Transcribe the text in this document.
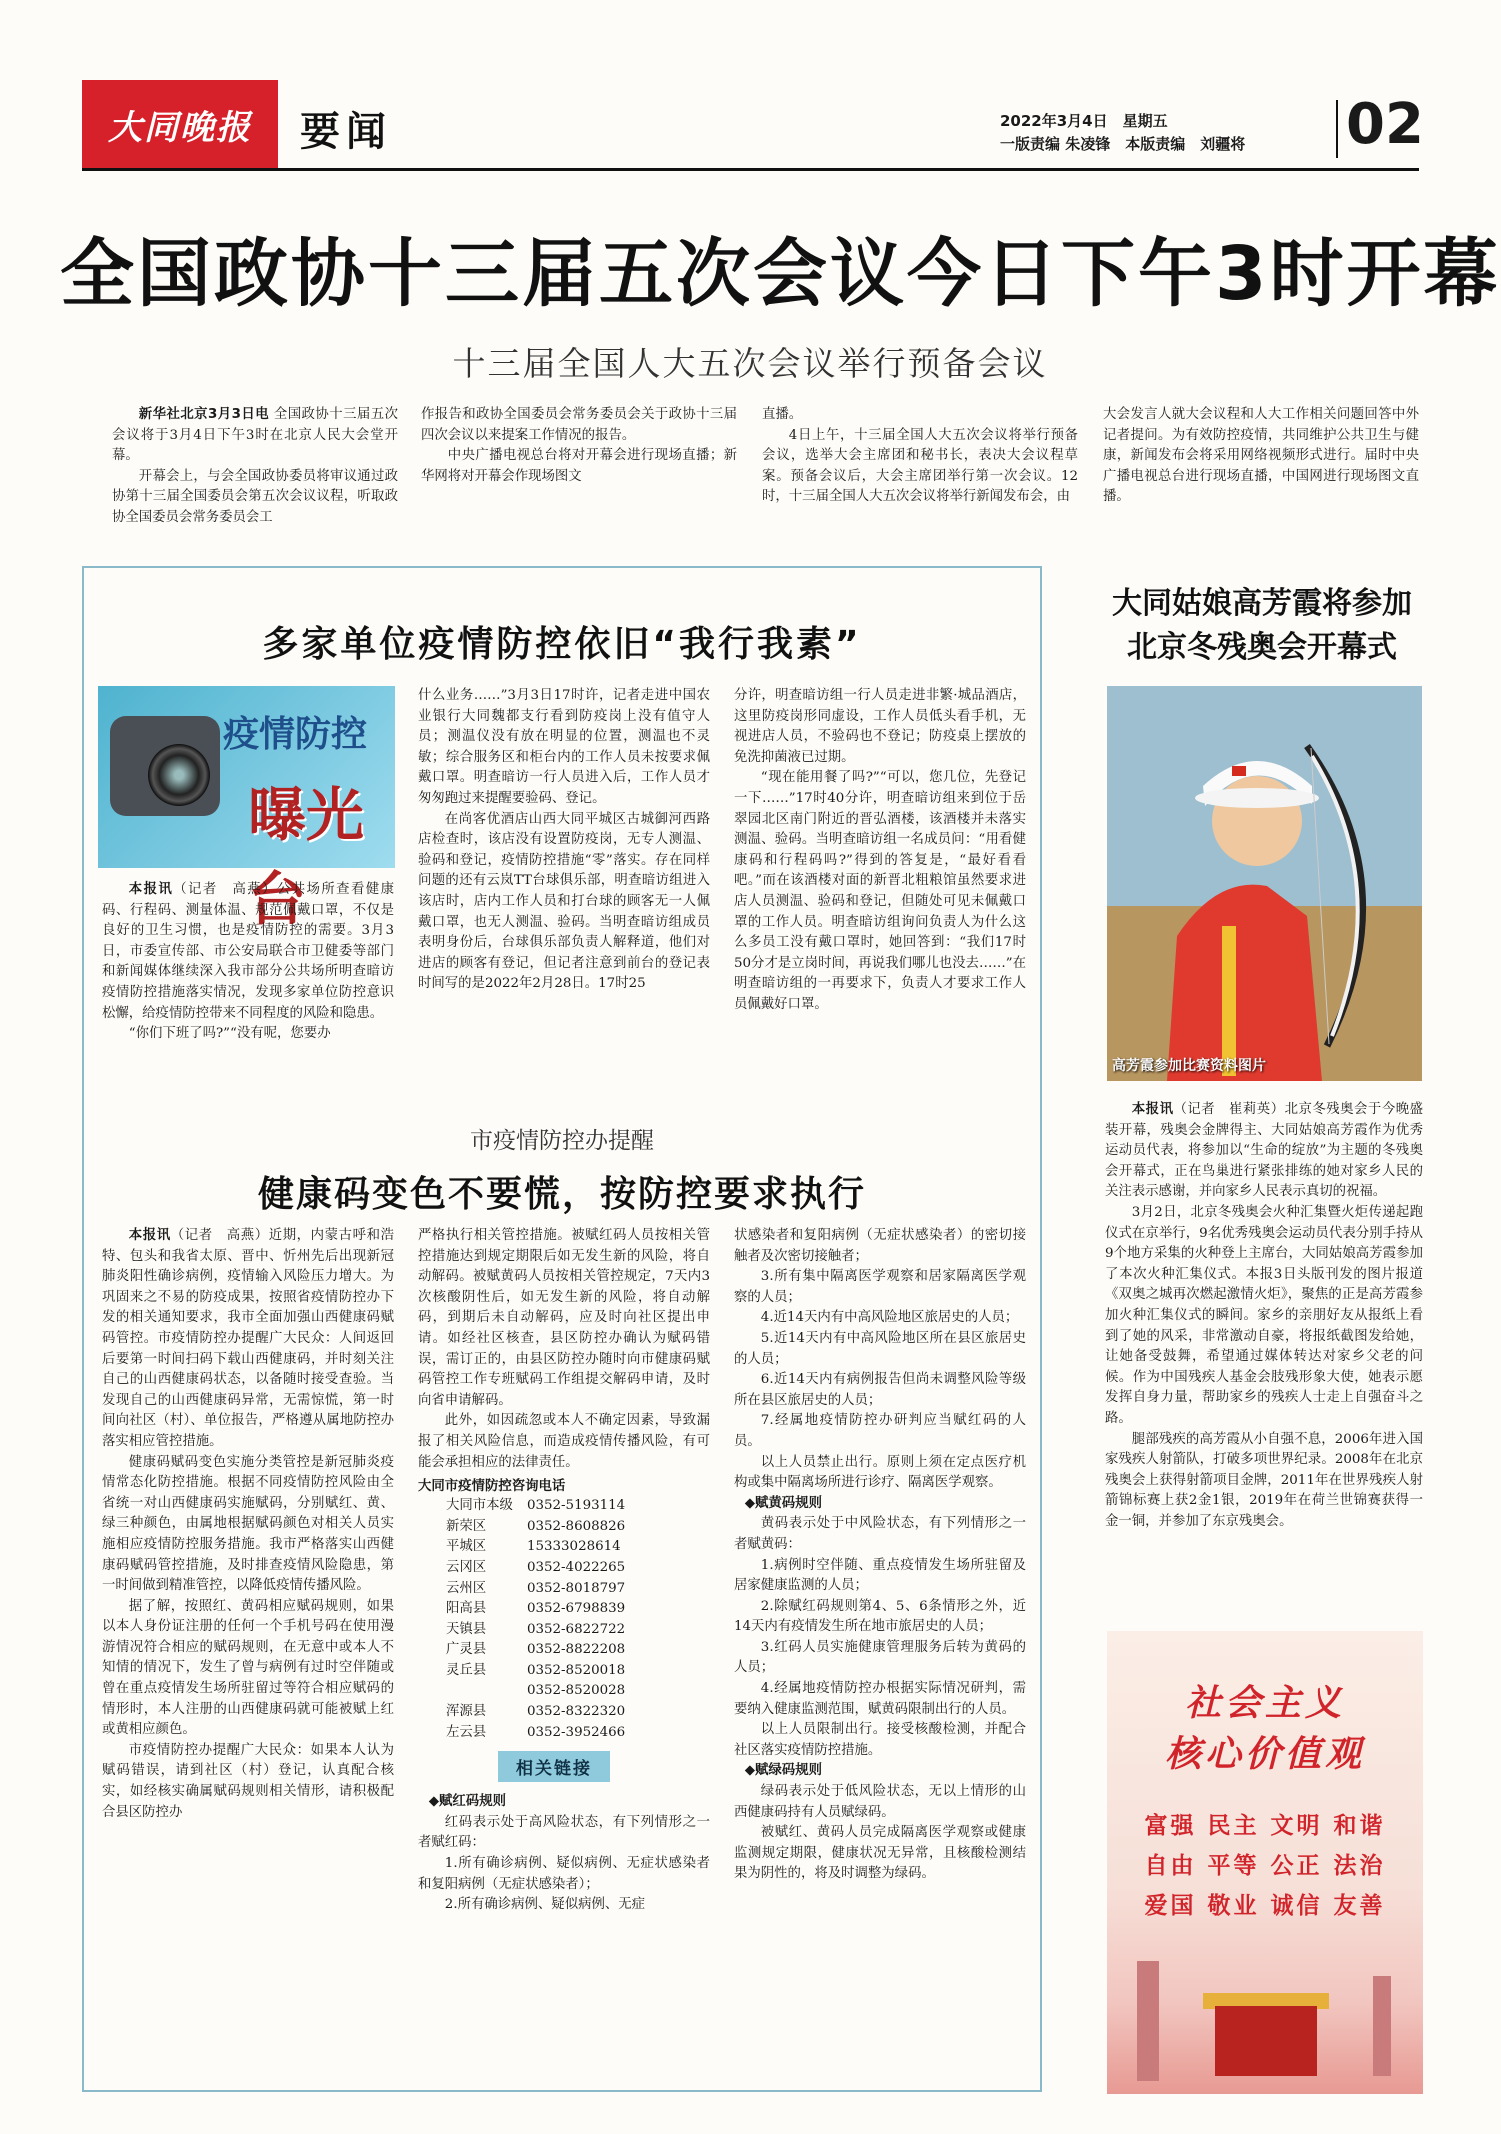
大同晚报	要闻	2022年3月4日　星期五
一版责编 朱凌锋　本版责编　刘疆将 02
全国政协十三届五次会议今日下午3时开幕
十三届全国人大五次会议举行预备会议

新华社北京3月3日电 全国政协十三届五次会议将于3月4日下午3时在北京人民大会堂开幕。

开幕会上，与会全国政协委员将审议通过政协第十三届全国委员会第五次会议议程，听取政协全国委员会常务委员会工

作报告和政协全国委员会常务委员会关于政协十三届四次会议以来提案工作情况的报告。

中央广播电视总台将对开幕会进行现场直播；新华网将对开幕会作现场图文

直播。

4日上午，十三届全国人大五次会议将举行预备会议，选举大会主席团和秘书长，表决大会议程草案。预备会议后，大会主席团举行第一次会议。12时，十三届全国人大五次会议将举行新闻发布会，由

大会发言人就大会议程和人大工作相关问题回答中外记者提问。为有效防控疫情，共同维护公共卫生与健康，新闻发布会将采用网络视频形式进行。届时中央广播电视总台进行现场直播，中国网进行现场图文直播。

多家单位疫情防控依旧“我行我素”
疫情防控
曝光台

本报讯（记者　高燕）公共场所查看健康码、行程码、测量体温、规范佩戴口罩，不仅是良好的卫生习惯，也是疫情防控的需要。3月3日，市委宣传部、市公安局联合市卫健委等部门和新闻媒体继续深入我市部分公共场所明查暗访疫情防控措施落实情况，发现多家单位防控意识松懈，给疫情防控带来不同程度的风险和隐患。

“你们下班了吗?”“没有呢，您要办

什么业务……”3月3日17时许，记者走进中国农业银行大同魏都支行看到防疫岗上没有值守人员；测温仪没有放在明显的位置，测温也不灵敏；综合服务区和柜台内的工作人员未按要求佩戴口罩。明查暗访一行人员进入后，工作人员才匆匆跑过来提醒要验码、登记。

在尚客优酒店山西大同平城区古城御河西路店检查时，该店没有设置防疫岗，无专人测温、验码和登记，疫情防控措施“零”落实。存在同样问题的还有云岚TT台球俱乐部，明查暗访组进入该店时，店内工作人员和打台球的顾客无一人佩戴口罩，也无人测温、验码。当明查暗访组成员表明身份后，台球俱乐部负责人解释道，他们对进店的顾客有登记，但记者注意到前台的登记表时间写的是2022年2月28日。17时25

分许，明查暗访组一行人员走进非繁·城品酒店，这里防疫岗形同虚设，工作人员低头看手机，无视进店人员，不验码也不登记；防疫桌上摆放的免洗抑菌液已过期。

“现在能用餐了吗?”“可以，您几位，先登记一下……”17时40分许，明查暗访组来到位于岳翠园北区南门附近的晋弘酒楼，该酒楼并未落实测温、验码。当明查暗访组一名成员问：“用看健康码和行程码吗?”得到的答复是，“最好看看吧。”而在该酒楼对面的新晋北粗粮馆虽然要求进店人员测温、验码和登记，但随处可见未佩戴口罩的工作人员。明查暗访组询问负责人为什么这么多员工没有戴口罩时，她回答到：“我们17时50分才是立岗时间，再说我们哪儿也没去……”在明查暗访组的一再要求下，负责人才要求工作人员佩戴好口罩。

市疫情防控办提醒
健康码变色不要慌，按防控要求执行

本报讯（记者　高燕）近期，内蒙古呼和浩特、包头和我省太原、晋中、忻州先后出现新冠肺炎阳性确诊病例，疫情输入风险压力增大。为巩固来之不易的防疫成果，按照省疫情防控办下发的相关通知要求，我市全面加强山西健康码赋码管控。市疫情防控办提醒广大民众：人间返回后要第一时间扫码下载山西健康码，并时刻关注自己的山西健康码状态，以备随时接受查验。当发现自己的山西健康码异常，无需惊慌，第一时间向社区（村）、单位报告，严格遵从属地防控办落实相应管控措施。

健康码赋码变色实施分类管控是新冠肺炎疫情常态化防控措施。根据不同疫情防控风险由全省统一对山西健康码实施赋码，分别赋红、黄、绿三种颜色，由属地根据赋码颜色对相关人员实施相应疫情防控服务措施。我市严格落实山西健康码赋码管控措施，及时排查疫情风险隐患，第一时间做到精准管控，以降低疫情传播风险。

据了解，按照红、黄码相应赋码规则，如果以本人身份证注册的任何一个手机号码在使用漫游情况符合相应的赋码规则，在无意中或本人不知情的情况下，发生了曾与病例有过时空伴随或曾在重点疫情发生场所驻留过等符合相应赋码的情形时，本人注册的山西健康码就可能被赋上红或黄相应颜色。

市疫情防控办提醒广大民众：如果本人认为赋码错误，请到社区（村）登记，认真配合核实，如经核实确属赋码规则相关情形，请积极配合县区防控办

严格执行相关管控措施。被赋红码人员按相关管控措施达到规定期限后如无发生新的风险，将自动解码。被赋黄码人员按相关管控规定，7天内3次核酸阴性后，如无发生新的风险，将自动解码，到期后未自动解码，应及时向社区提出申请。如经社区核查，县区防控办确认为赋码错误，需订正的，由县区防控办随时向市健康码赋码管控工作专班赋码工作组提交解码申请，及时向省申请解码。

此外，如因疏忽或本人不确定因素，导致漏报了相关风险信息，而造成疫情传播风险，有可能会承担相应的法律责任。

大同市疫情防控咨询电话

大同市本级	0352-5193114
新荣区	0352-8608826
平城区	15333028614
云冈区	0352-4022265
云州区	0352-8018797
阳高县	0352-6798839
天镇县	0352-6822722
广灵县	0352-8822208
灵丘县	0352-8520018
	0352-8520028
浑源县	0352-8322320
左云县	0352-3952466
相关链接

◆赋红码规则

红码表示处于高风险状态，有下列情形之一者赋红码：

1.所有确诊病例、疑似病例、无症状感染者和复阳病例（无症状感染者）；

2.所有确诊病例、疑似病例、无症

状感染者和复阳病例（无症状感染者）的密切接触者及次密切接触者；

3.所有集中隔离医学观察和居家隔离医学观察的人员；

4.近14天内有中高风险地区旅居史的人员；

5.近14天内有中高风险地区所在县区旅居史的人员；

6.近14天内有病例报告但尚未调整风险等级所在县区旅居史的人员；

7.经属地疫情防控办研判应当赋红码的人员。

以上人员禁止出行。原则上须在定点医疗机构或集中隔离场所进行诊疗、隔离医学观察。

◆赋黄码规则

黄码表示处于中风险状态，有下列情形之一者赋黄码：

1.病例时空伴随、重点疫情发生场所驻留及居家健康监测的人员；

2.除赋红码规则第4、5、6条情形之外，近14天内有疫情发生所在地市旅居史的人员；

3.红码人员实施健康管理服务后转为黄码的人员；

4.经属地疫情防控办根据实际情况研判，需要纳入健康监测范围，赋黄码限制出行的人员。

以上人员限制出行。接受核酸检测，并配合社区落实疫情防控措施。

◆赋绿码规则

绿码表示处于低风险状态，无以上情形的山西健康码持有人员赋绿码。

被赋红、黄码人员完成隔离医学观察或健康监测规定期限，健康状况无异常，且核酸检测结果为阴性的，将及时调整为绿码。

大同姑娘高芳霞将参加
北京冬残奥会开幕式
高芳霞参加比赛资料图片

本报讯（记者　崔莉英）北京冬残奥会于今晚盛装开幕，残奥会金牌得主、大同姑娘高芳霞作为优秀运动员代表，将参加以“生命的绽放”为主题的冬残奥会开幕式，正在鸟巢进行紧张排练的她对家乡人民的关注表示感谢，并向家乡人民表示真切的祝福。

3月2日，北京冬残奥会火种汇集暨火炬传递起跑仪式在京举行，9名优秀残奥会运动员代表分别手持从9个地方采集的火种登上主席台，大同姑娘高芳霞参加了本次火种汇集仪式。本报3日头版刊发的图片报道《双奥之城再次燃起激情火炬》，聚焦的正是高芳霞参加火种汇集仪式的瞬间。家乡的亲朋好友从报纸上看到了她的风采，非常激动自豪，将报纸截图发给她，让她备受鼓舞，希望通过媒体转达对家乡父老的问候。作为中国残疾人基金会肢残形象大使，她表示愿发挥自身力量，帮助家乡的残疾人士走上自强奋斗之路。

腿部残疾的高芳霞从小自强不息，2006年进入国家残疾人射箭队，打破多项世界纪录。2008年在北京残奥会上获得射箭项目金牌，2011年在世界残疾人射箭锦标赛上获2金1银，2019年在荷兰世锦赛获得一金一铜，并参加了东京残奥会。

社会主义
核心价值观
富强 民主 文明 和谐
自由 平等 公正 法治
爱国 敬业 诚信 友善
